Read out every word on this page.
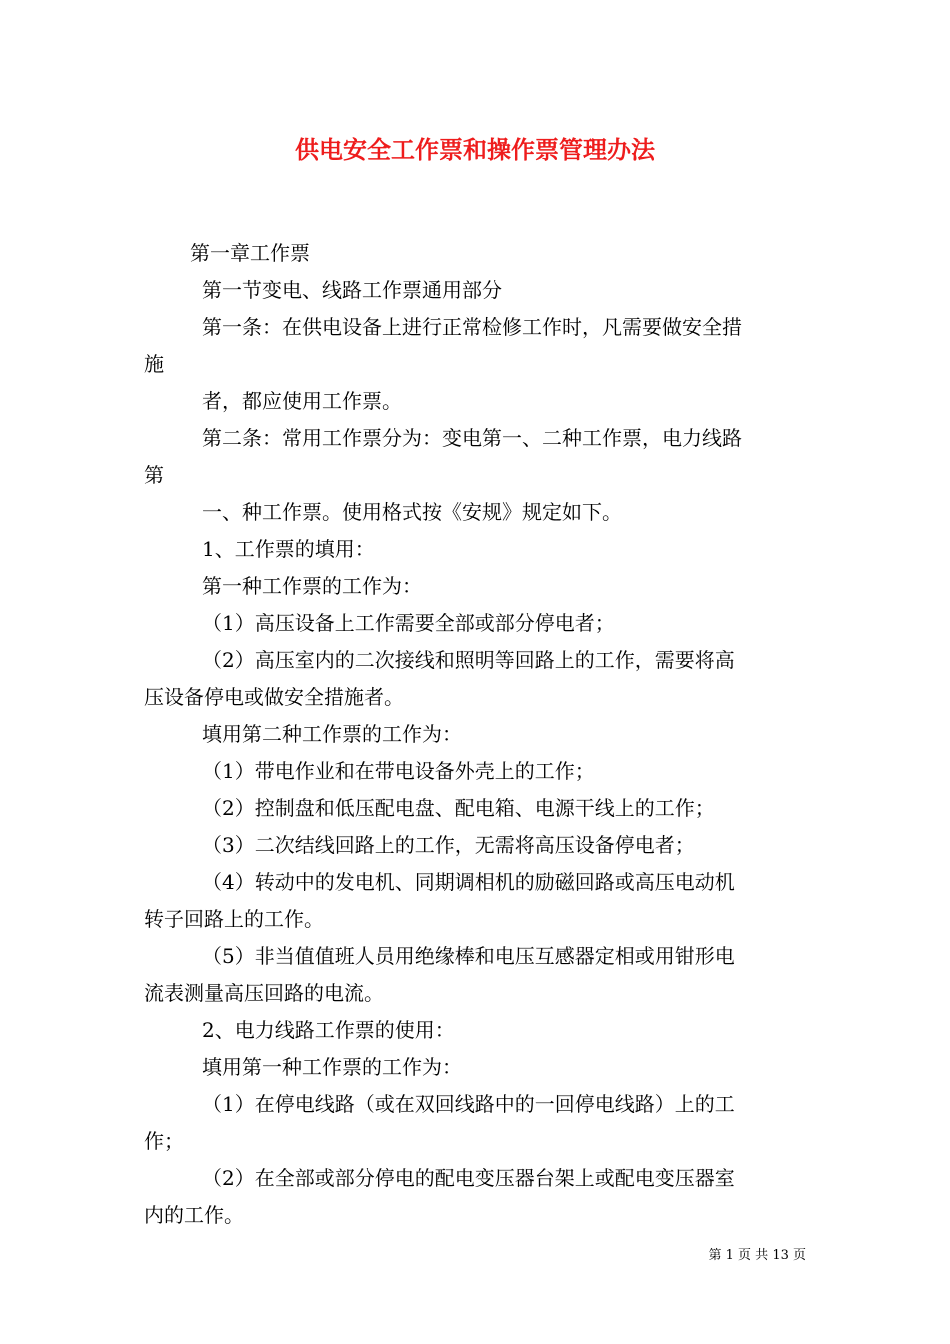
供电安全工作票和操作票管理办法
第一章工作票
第一节变电、线路工作票通用部分
第一条：在供电设备上进行正常检修工作时，凡需要做安全措
施
者，都应使用工作票。
第二条：常用工作票分为：变电第一、二种工作票，电力线路
第
一、种工作票。使用格式按《安规》规定如下。
1、工作票的填用：
第一种工作票的工作为：
（1）高压设备上工作需要全部或部分停电者；
（2）高压室内的二次接线和照明等回路上的工作，需要将高
压设备停电或做安全措施者。
填用第二种工作票的工作为：
（1）带电作业和在带电设备外壳上的工作；
（2）控制盘和低压配电盘、配电箱、电源干线上的工作；
（3）二次结线回路上的工作，无需将高压设备停电者；
（4）转动中的发电机、同期调相机的励磁回路或高压电动机
转子回路上的工作。
（5）非当值值班人员用绝缘棒和电压互感器定相或用钳形电
流表测量高压回路的电流。
2、电力线路工作票的使用：
填用第一种工作票的工作为：
（1）在停电线路（或在双回线路中的一回停电线路）上的工
作；
（2）在全部或部分停电的配电变压器台架上或配电变压器室
内的工作。
第 1 页 共 13 页
